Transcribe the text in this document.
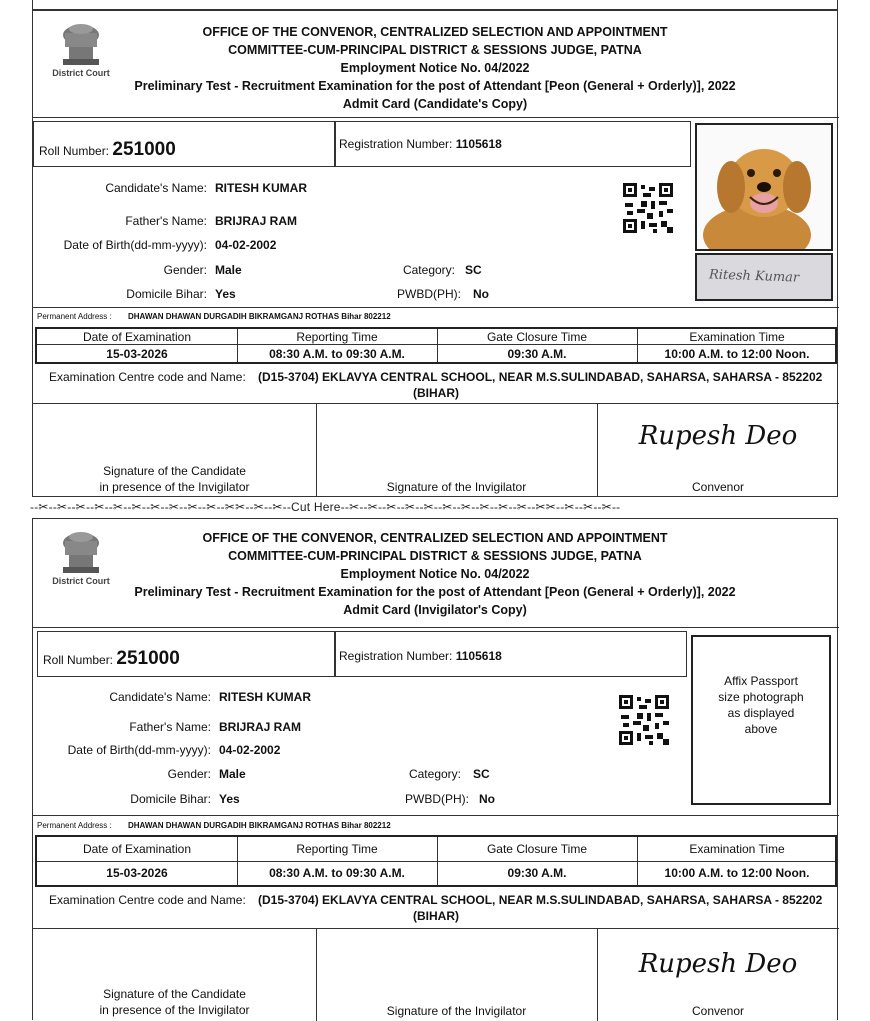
District Court
OFFICE OF THE CONVENOR, CENTRALIZED SELECTION AND APPOINTMENT
COMMITTEE-CUM-PRINCIPAL DISTRICT & SESSIONS JUDGE, PATNA
Employment Notice No. 04/2022
Preliminary Test - Recruitment Examination for the post of Attendant [Peon (General + Orderly)], 2022
Admit Card (Candidate's Copy)
Roll Number: 251000	Registration Number: 1105618
Ritesh Kumar
Candidate's Name: RITESH KUMAR
Father's Name: BRIJRAJ RAM
Date of Birth(dd-mm-yyyy): 04-02-2002
Gender: Male	Category: SC
Domicile Bihar: Yes	PWBD(PH): No
Permanent Address : DHAWAN DHAWAN DURGADIH BIKRAMGANJ ROTHAS Bihar 802212
Date of Examination	Reporting Time	Gate Closure Time	Examination Time
15-03-2026	08:30 A.M. to 09:30 A.M.	09:30 A.M.	10:00 A.M. to 12:00 Noon.
Examination Centre code and Name: (D15-3704) EKLAVYA CENTRAL SCHOOL, NEAR M.S.SULINDABAD, SAHARSA, SAHARSA - 852202
(BIHAR)
Signature of the Candidate
in presence of the Invigilator	Signature of the Invigilator
Rupesh Deo
Convenor
--✂--✂--✂--✂--✂--✂--✂--✂--✂--✂--✂✂--✂--✂--Cut Here--✂--✂--✂--✂--✂--✂--✂--✂--✂--✂--✂✂--✂--✂--✂--
District Court
OFFICE OF THE CONVENOR, CENTRALIZED SELECTION AND APPOINTMENT
COMMITTEE-CUM-PRINCIPAL DISTRICT & SESSIONS JUDGE, PATNA
Employment Notice No. 04/2022
Preliminary Test - Recruitment Examination for the post of Attendant [Peon (General + Orderly)], 2022
Admit Card (Invigilator's Copy)
Roll Number: 251000	Registration Number: 1105618
Affix Passport
size photograph
as displayed
above
Candidate's Name: RITESH KUMAR
Father's Name: BRIJRAJ RAM
Date of Birth(dd-mm-yyyy): 04-02-2002
Gender: Male	Category: SC
Domicile Bihar: Yes	PWBD(PH): No
Permanent Address : DHAWAN DHAWAN DURGADIH BIKRAMGANJ ROTHAS Bihar 802212
Date of Examination	Reporting Time	Gate Closure Time	Examination Time
15-03-2026	08:30 A.M. to 09:30 A.M.	09:30 A.M.	10:00 A.M. to 12:00 Noon.
Examination Centre code and Name: (D15-3704) EKLAVYA CENTRAL SCHOOL, NEAR M.S.SULINDABAD, SAHARSA, SAHARSA - 852202
(BIHAR)
Signature of the Candidate
in presence of the Invigilator	Signature of the Invigilator
Rupesh Deo
Convenor
